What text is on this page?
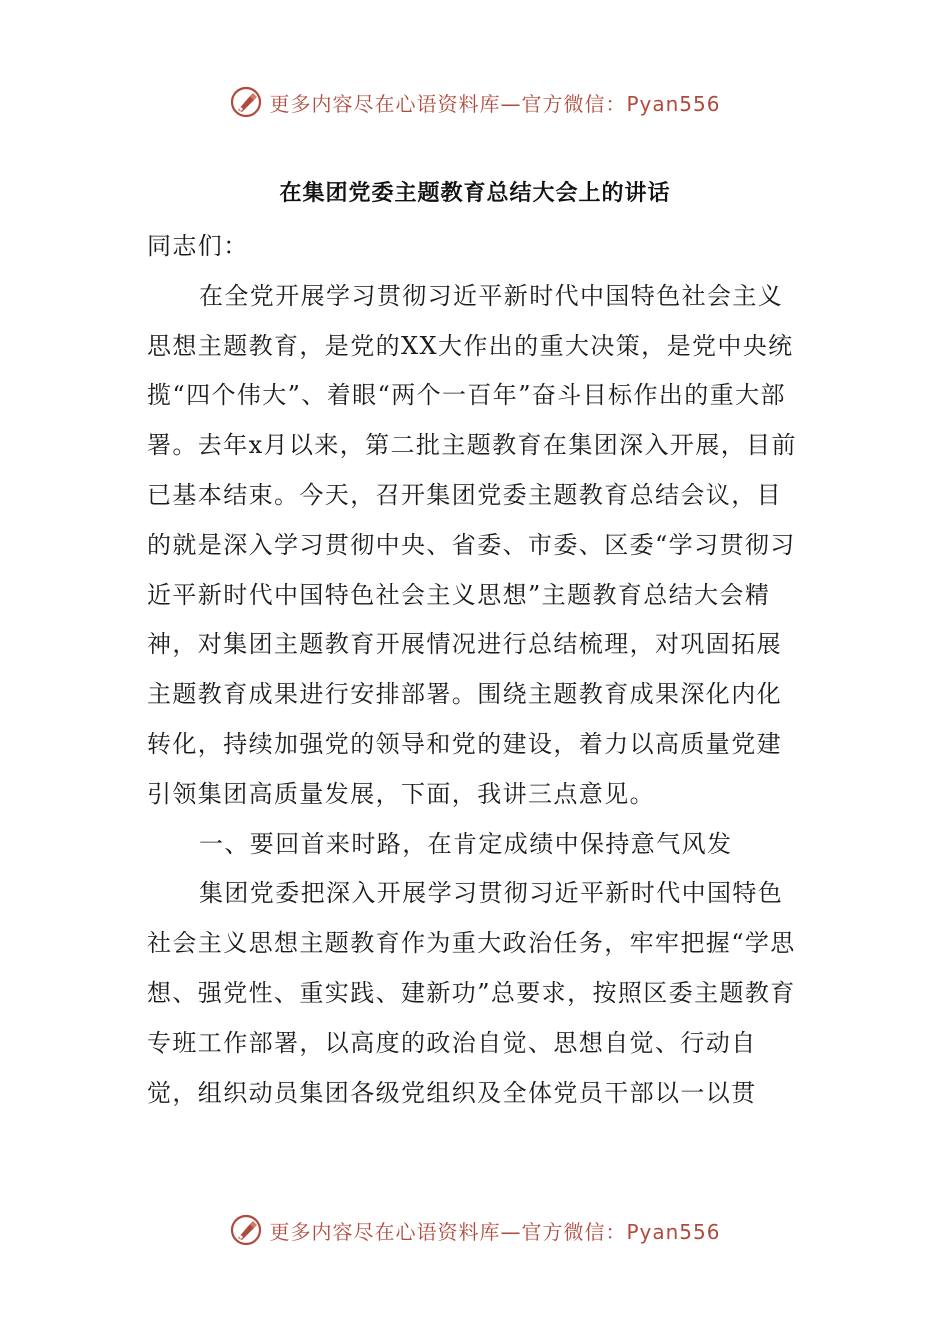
更多内容尽在心语资料库—官方微信：Pyan556
在集团党委主题教育总结大会上的讲话

同志们：

在全党开展学习贯彻习近平新时代中国特色社会主义思想主题教育，是党的XX大作出的重大决策，是党中央统揽“四个伟大”、着眼“两个一百年”奋斗目标作出的重大部署。去年x月以来，第二批主题教育在集团深入开展，目前已基本结束。今天，召开集团党委主题教育总结会议，目的就是深入学习贯彻中央、省委、市委、区委“学习贯彻习近平新时代中国特色社会主义思想”主题教育总结大会精神，对集团主题教育开展情况进行总结梳理，对巩固拓展主题教育成果进行安排部署。围绕主题教育成果深化内化转化，持续加强党的领导和党的建设，着力以高质量党建引领集团高质量发展，下面，我讲三点意见。

一、要回首来时路，在肯定成绩中保持意气风发

集团党委把深入开展学习贯彻习近平新时代中国特色社会主义思想主题教育作为重大政治任务，牢牢把握“学思想、强党性、重实践、建新功”总要求，按照区委主题教育专班工作部署，以高度的政治自觉、思想自觉、行动自觉，组织动员集团各级党组织及全体党员干部以一以贯

更多内容尽在心语资料库—官方微信：Pyan556
